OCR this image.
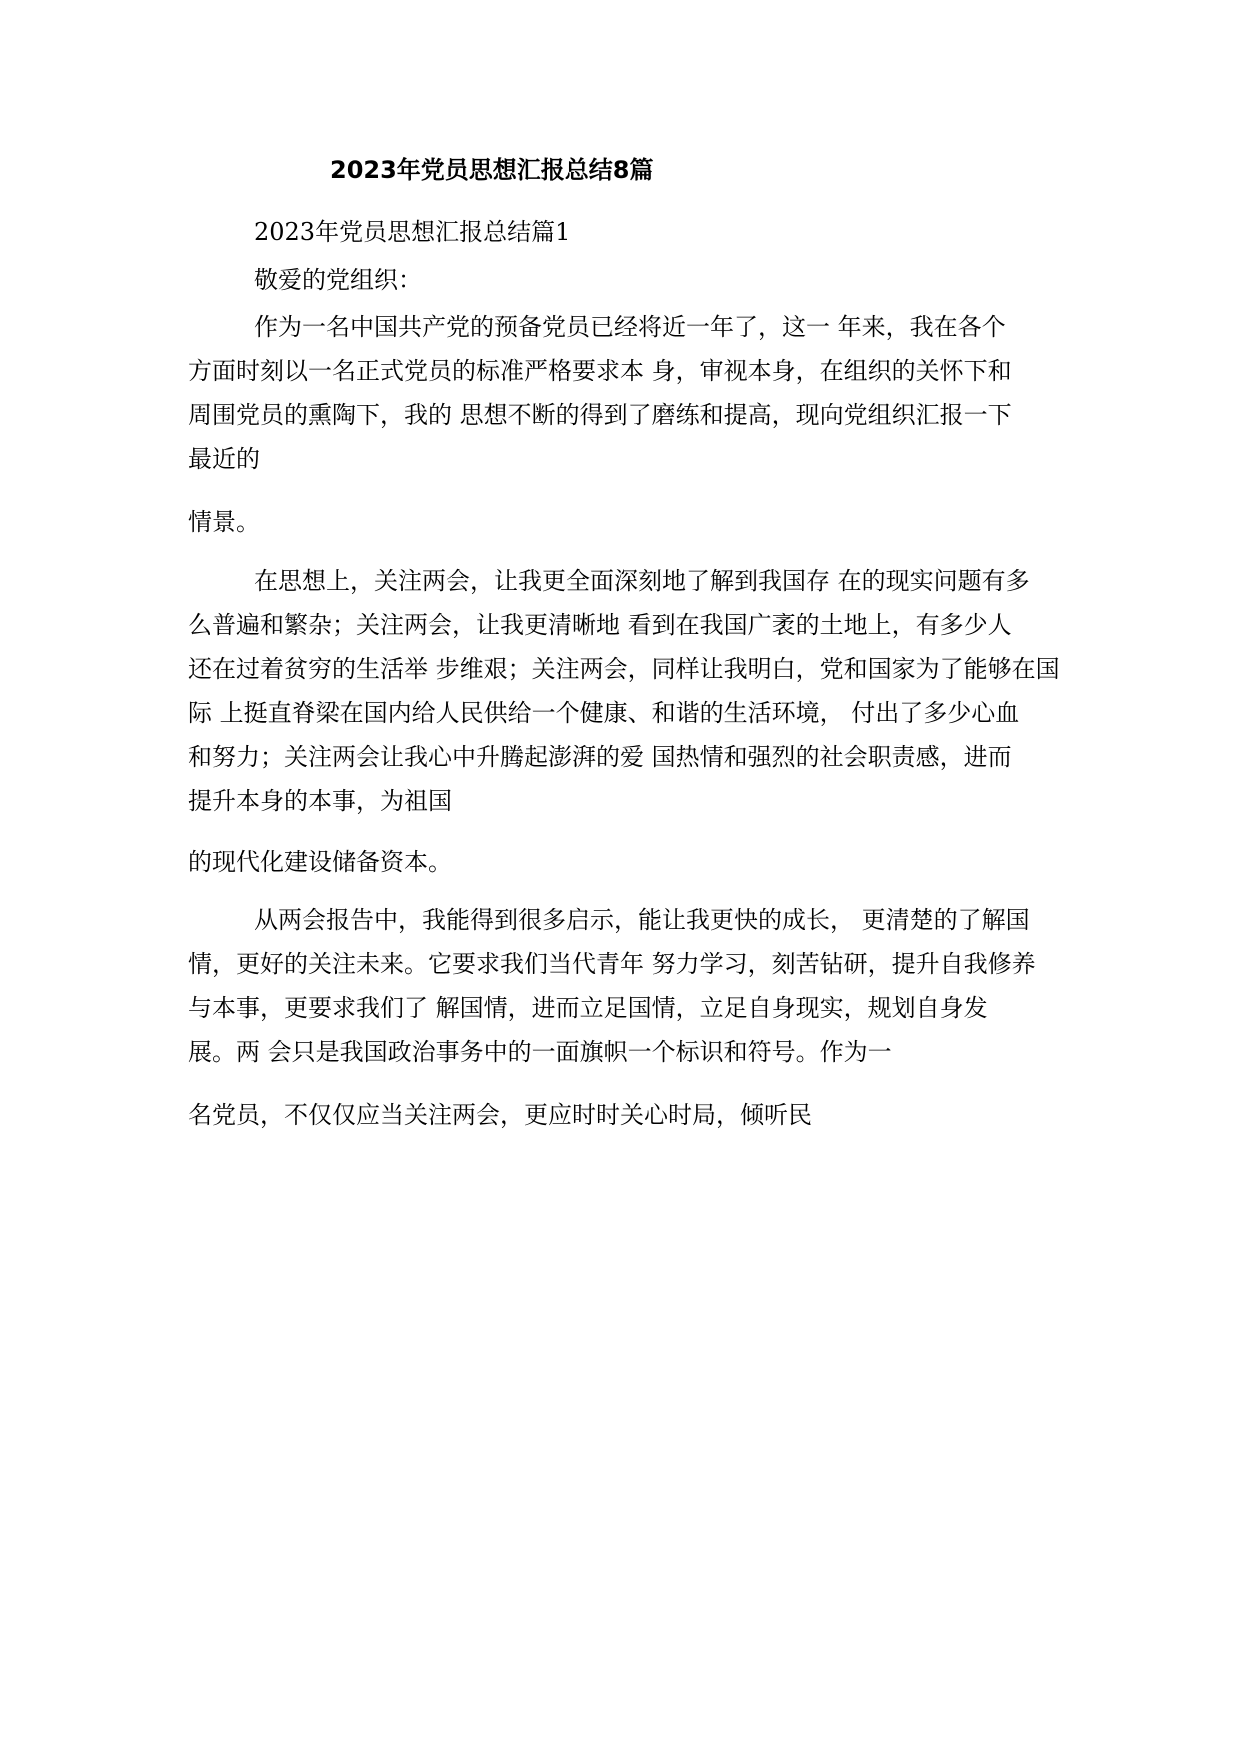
2023年党员思想汇报总结8篇
2023年党员思想汇报总结篇1
敬爱的党组织：
作为一名中国共产党的预备党员已经将近一年了，这一 年来，我在各个
方面时刻以一名正式党员的标准严格要求本 身，审视本身，在组织的关怀下和
周围党员的熏陶下，我的 思想不断的得到了磨练和提高，现向党组织汇报一下
最近的
情景。
在思想上，关注两会，让我更全面深刻地了解到我国存 在的现实问题有多
么普遍和繁杂；关注两会，让我更清晰地 看到在我国广袤的土地上，有多少人
还在过着贫穷的生活举 步维艰；关注两会，同样让我明白，党和国家为了能够在国
际 上挺直脊梁在国内给人民供给一个健康、和谐的生活环境， 付出了多少心血
和努力；关注两会让我心中升腾起澎湃的爱 国热情和强烈的社会职责感，进而
提升本身的本事，为祖国
的现代化建设储备资本。
从两会报告中，我能得到很多启示，能让我更快的成长， 更清楚的了解国
情，更好的关注未来。它要求我们当代青年 努力学习，刻苦钻研，提升自我修养
与本事，更要求我们了 解国情，进而立足国情，立足自身现实，规划自身发
展。两 会只是我国政治事务中的一面旗帜一个标识和符号。作为一
名党员，不仅仅应当关注两会，更应时时关心时局，倾听民
